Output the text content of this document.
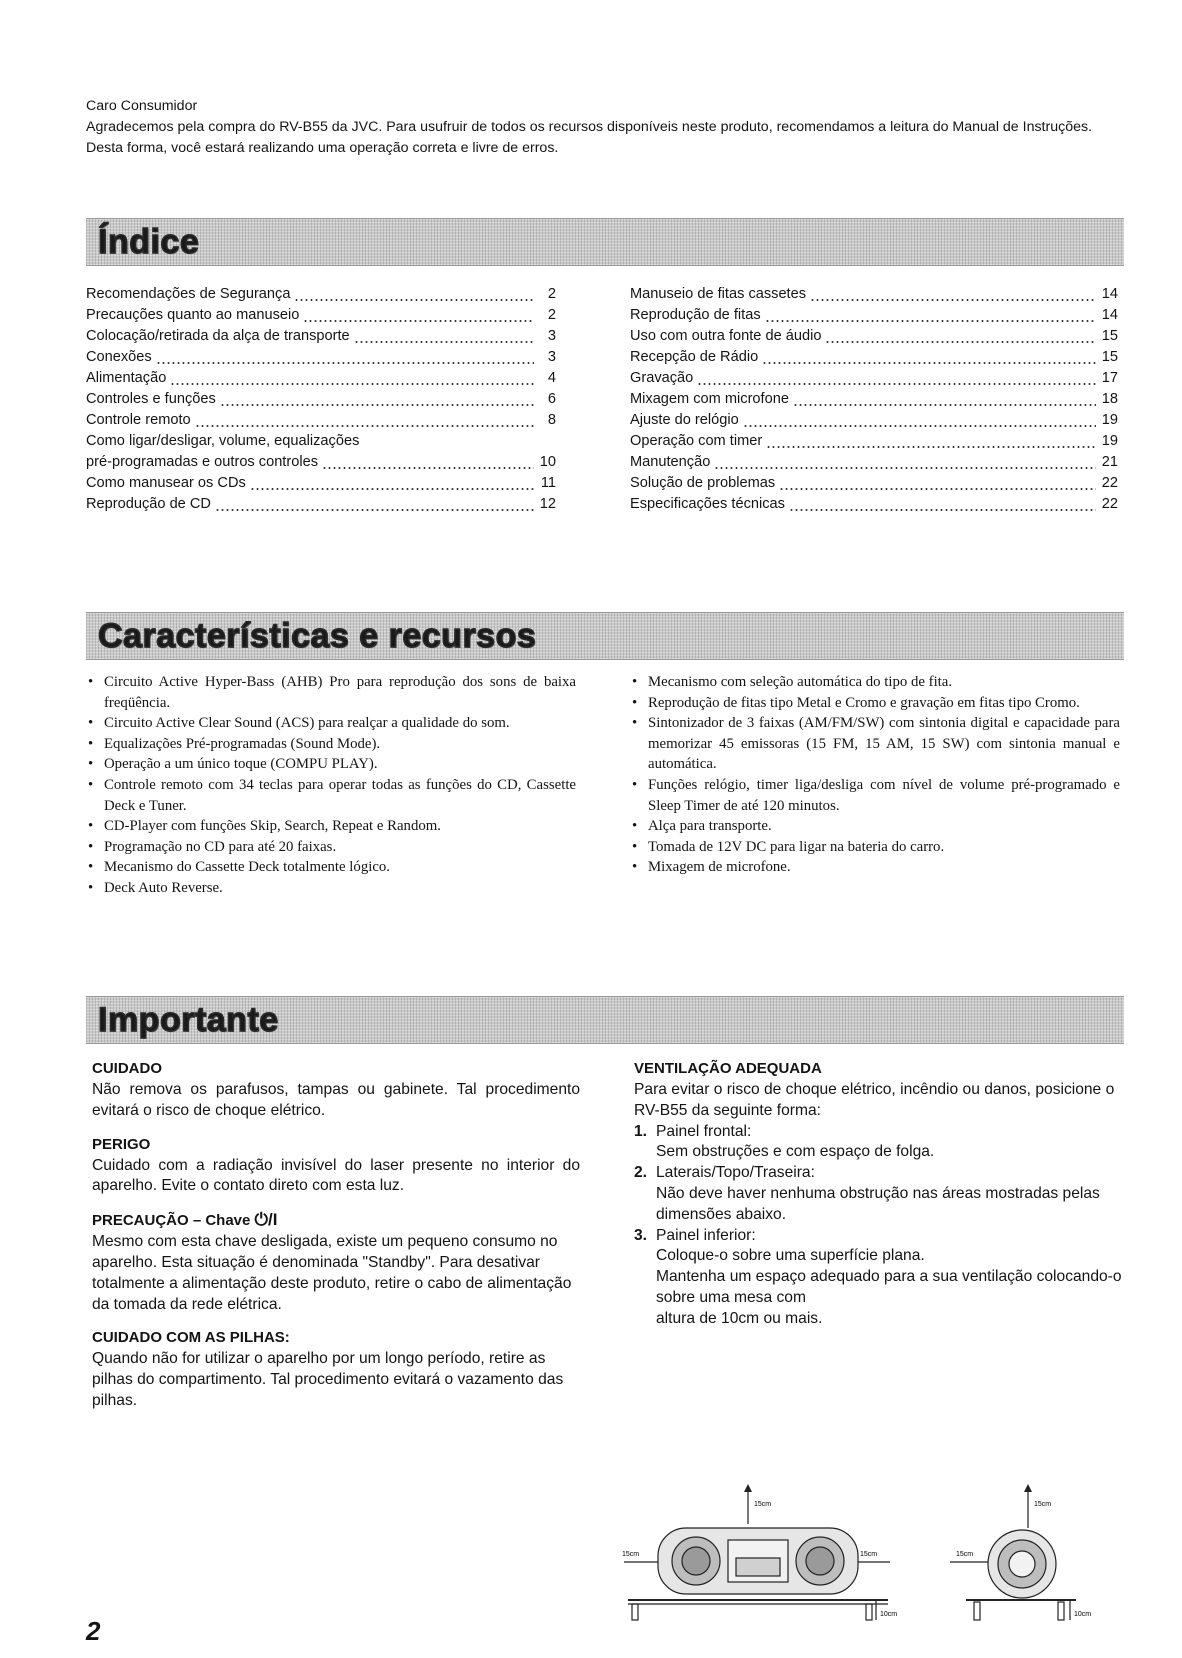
Caro Consumidor

Agradecemos pela compra do RV-B55 da JVC. Para usufruir de todos os recursos disponíveis neste produto, recomendamos a leitura do Manual de Instruções. Desta forma, você estará realizando uma operação correta e livre de erros.

Índice
Recomendações de Segurança	2
Precauções quanto ao manuseio	2
Colocação/retirada da alça de transporte	3
Conexões	3
Alimentação	4
Controles e funções	6
Controle remoto	8
Como ligar/desligar, volume, equalizações
pré-programadas e outros controles	10
Como manusear os CDs	11
Reprodução de CD	12
Manuseio de fitas cassetes	14
Reprodução de fitas	14
Uso com outra fonte de áudio	15
Recepção de Rádio	15
Gravação	17
Mixagem com microfone	18
Ajuste do relógio	19
Operação com timer	19
Manutenção	21
Solução de problemas	22
Especificações técnicas	22
Características e recursos
• Circuito Active Hyper-Bass (AHB) Pro para reprodução dos sons de baixa freqüência.
• Circuito Active Clear Sound (ACS) para realçar a qualidade do som.
• Equalizações Pré-programadas (Sound Mode).
• Operação a um único toque (COMPU PLAY).
• Controle remoto com 34 teclas para operar todas as funções do CD, Cassette Deck e Tuner.
• CD-Player com funções Skip, Search, Repeat e Random.
• Programação no CD para até 20 faixas.
• Mecanismo do Cassette Deck totalmente lógico.
• Deck Auto Reverse.
• Mecanismo com seleção automática do tipo de fita.
• Reprodução de fitas tipo Metal e Cromo e gravação em fitas tipo Cromo.
• Sintonizador de 3 faixas (AM/FM/SW) com sintonia digital e capacidade para memorizar 45 emissoras (15 FM, 15 AM, 15 SW) com sintonia manual e automática.
• Funções relógio, timer liga/desliga com nível de volume pré-programado e Sleep Timer de até 120 minutos.
• Alça para transporte.
• Tomada de 12V DC para ligar na bateria do carro.
• Mixagem de microfone.
Importante
CUIDADO

Não remova os parafusos, tampas ou gabinete. Tal procedimento evitará o risco de choque elétrico.

PERIGO

Cuidado com a radiação invisível do laser presente no interior do aparelho. Evite o contato direto com esta luz.

PRECAUÇÃO – Chave ⏻/I

Mesmo com esta chave desligada, existe um pequeno consumo no aparelho. Esta situação é denominada "Standby". Para desativar totalmente a alimentação deste produto, retire o cabo de alimentação da tomada da rede elétrica.

CUIDADO COM AS PILHAS:

Quando não for utilizar o aparelho por um longo período, retire as pilhas do compartimento. Tal procedimento evitará o vazamento das pilhas.

VENTILAÇÃO ADEQUADA

Para evitar o risco de choque elétrico, incêndio ou danos, posicione o RV-B55 da seguinte forma:

1. Painel frontal:
Sem obstruções e com espaço de folga.
2. Laterais/Topo/Traseira:
Não deve haver nenhuma obstrução nas áreas mostradas pelas dimensões abaixo.
3. Painel inferior:
Coloque-o sobre uma superfície plana.
Mantenha um espaço adequado para a sua ventilação colocando-o sobre uma mesa com
altura de 10cm ou mais.
15cm
15cm	15cm
10cm
15cm
15cm
10cm
2
